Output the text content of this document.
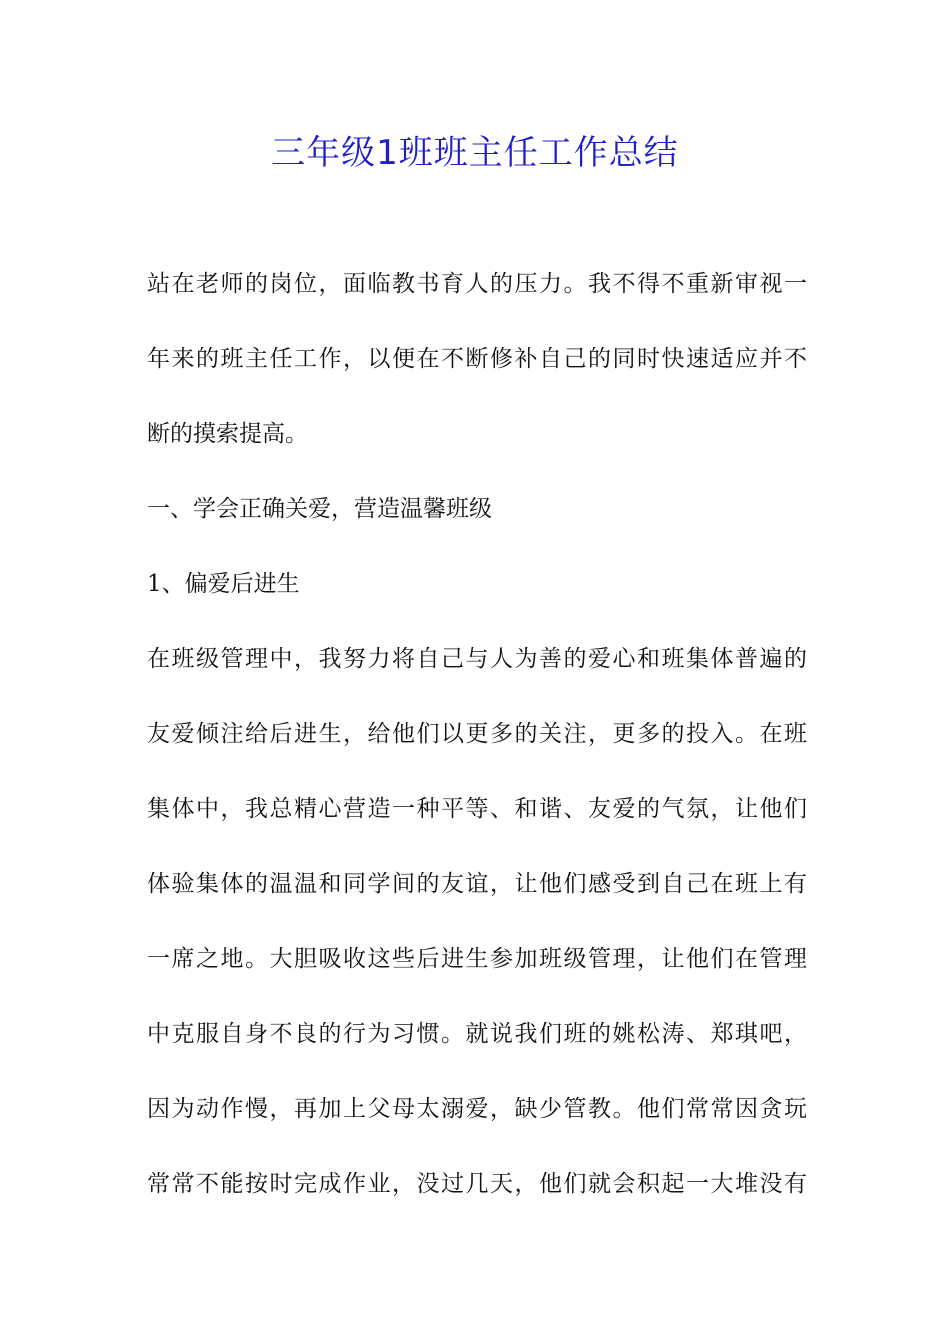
三年级1班班主任工作总结

站在老师的岗位，面临教书育人的压力。我不得不重新审视一

年来的班主任工作，以便在不断修补自己的同时快速适应并不

断的摸索提高。

一、学会正确关爱，营造温馨班级

1、偏爱后进生

在班级管理中，我努力将自己与人为善的爱心和班集体普遍的

友爱倾注给后进生，给他们以更多的关注，更多的投入。在班

集体中，我总精心营造一种平等、和谐、友爱的气氛，让他们

体验集体的温温和同学间的友谊，让他们感受到自己在班上有

一席之地。大胆吸收这些后进生参加班级管理，让他们在管理

中克服自身不良的行为习惯。就说我们班的姚松涛、郑琪吧，

因为动作慢，再加上父母太溺爱，缺少管教。他们常常因贪玩

常常不能按时完成作业，没过几天，他们就会积起一大堆没有
